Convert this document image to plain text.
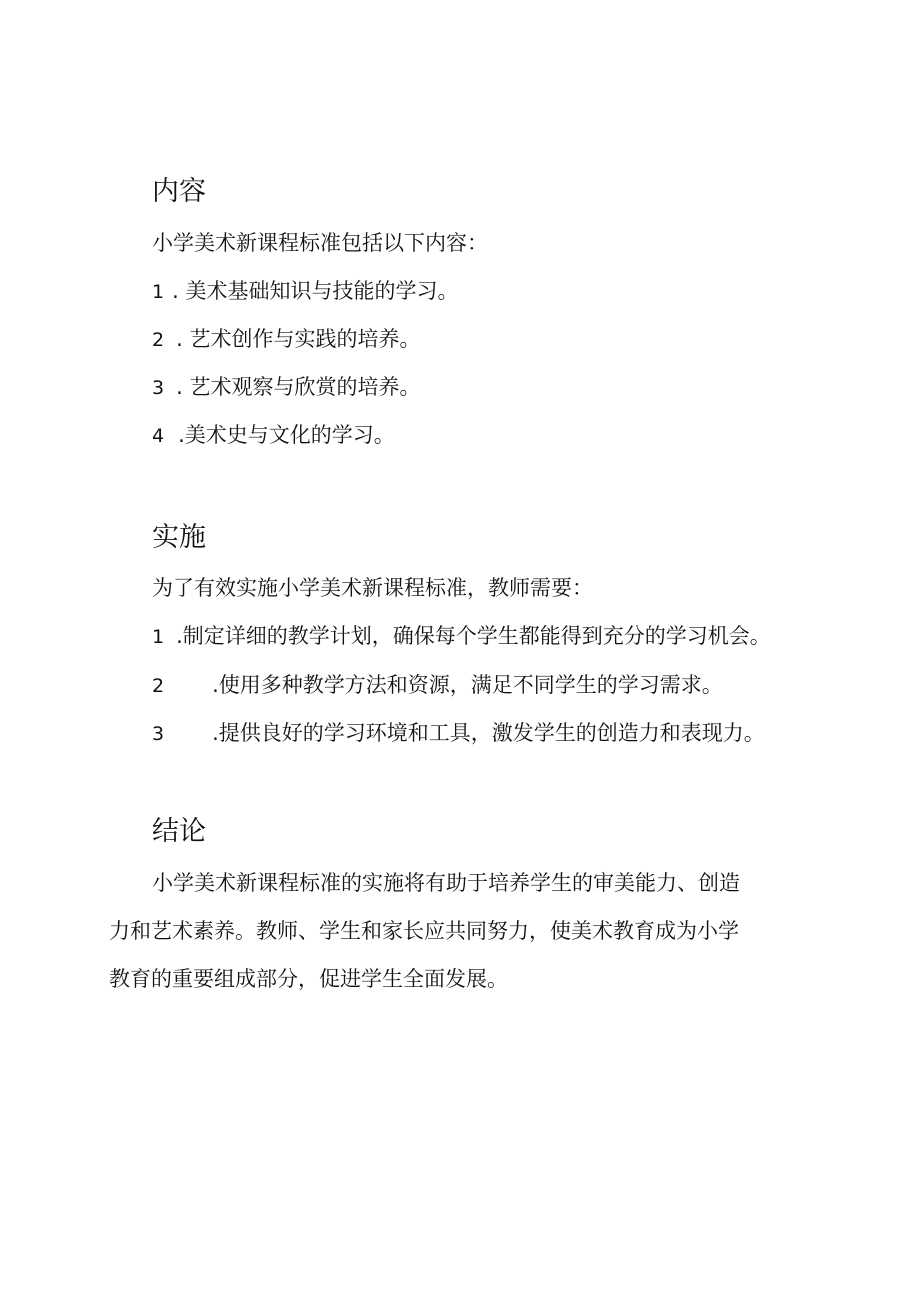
内容
小学美术新课程标准包括以下内容：
1 . 美术基础知识与技能的学习。
2 . 艺术创作与实践的培养。
3 . 艺术观察与欣赏的培养。
4 .美术史与文化的学习。
实施
为了有效实施小学美术新课程标准，教师需要：
1 .制定详细的教学计划，确保每个学生都能得到充分的学习机会。
2 .使用多种教学方法和资源，满足不同学生的学习需求。
3 .提供良好的学习环境和工具，激发学生的创造力和表现力。
结论
小学美术新课程标准的实施将有助于培养学生的审美能力、创造
力和艺术素养。教师、学生和家长应共同努力，使美术教育成为小学
教育的重要组成部分，促进学生全面发展。
